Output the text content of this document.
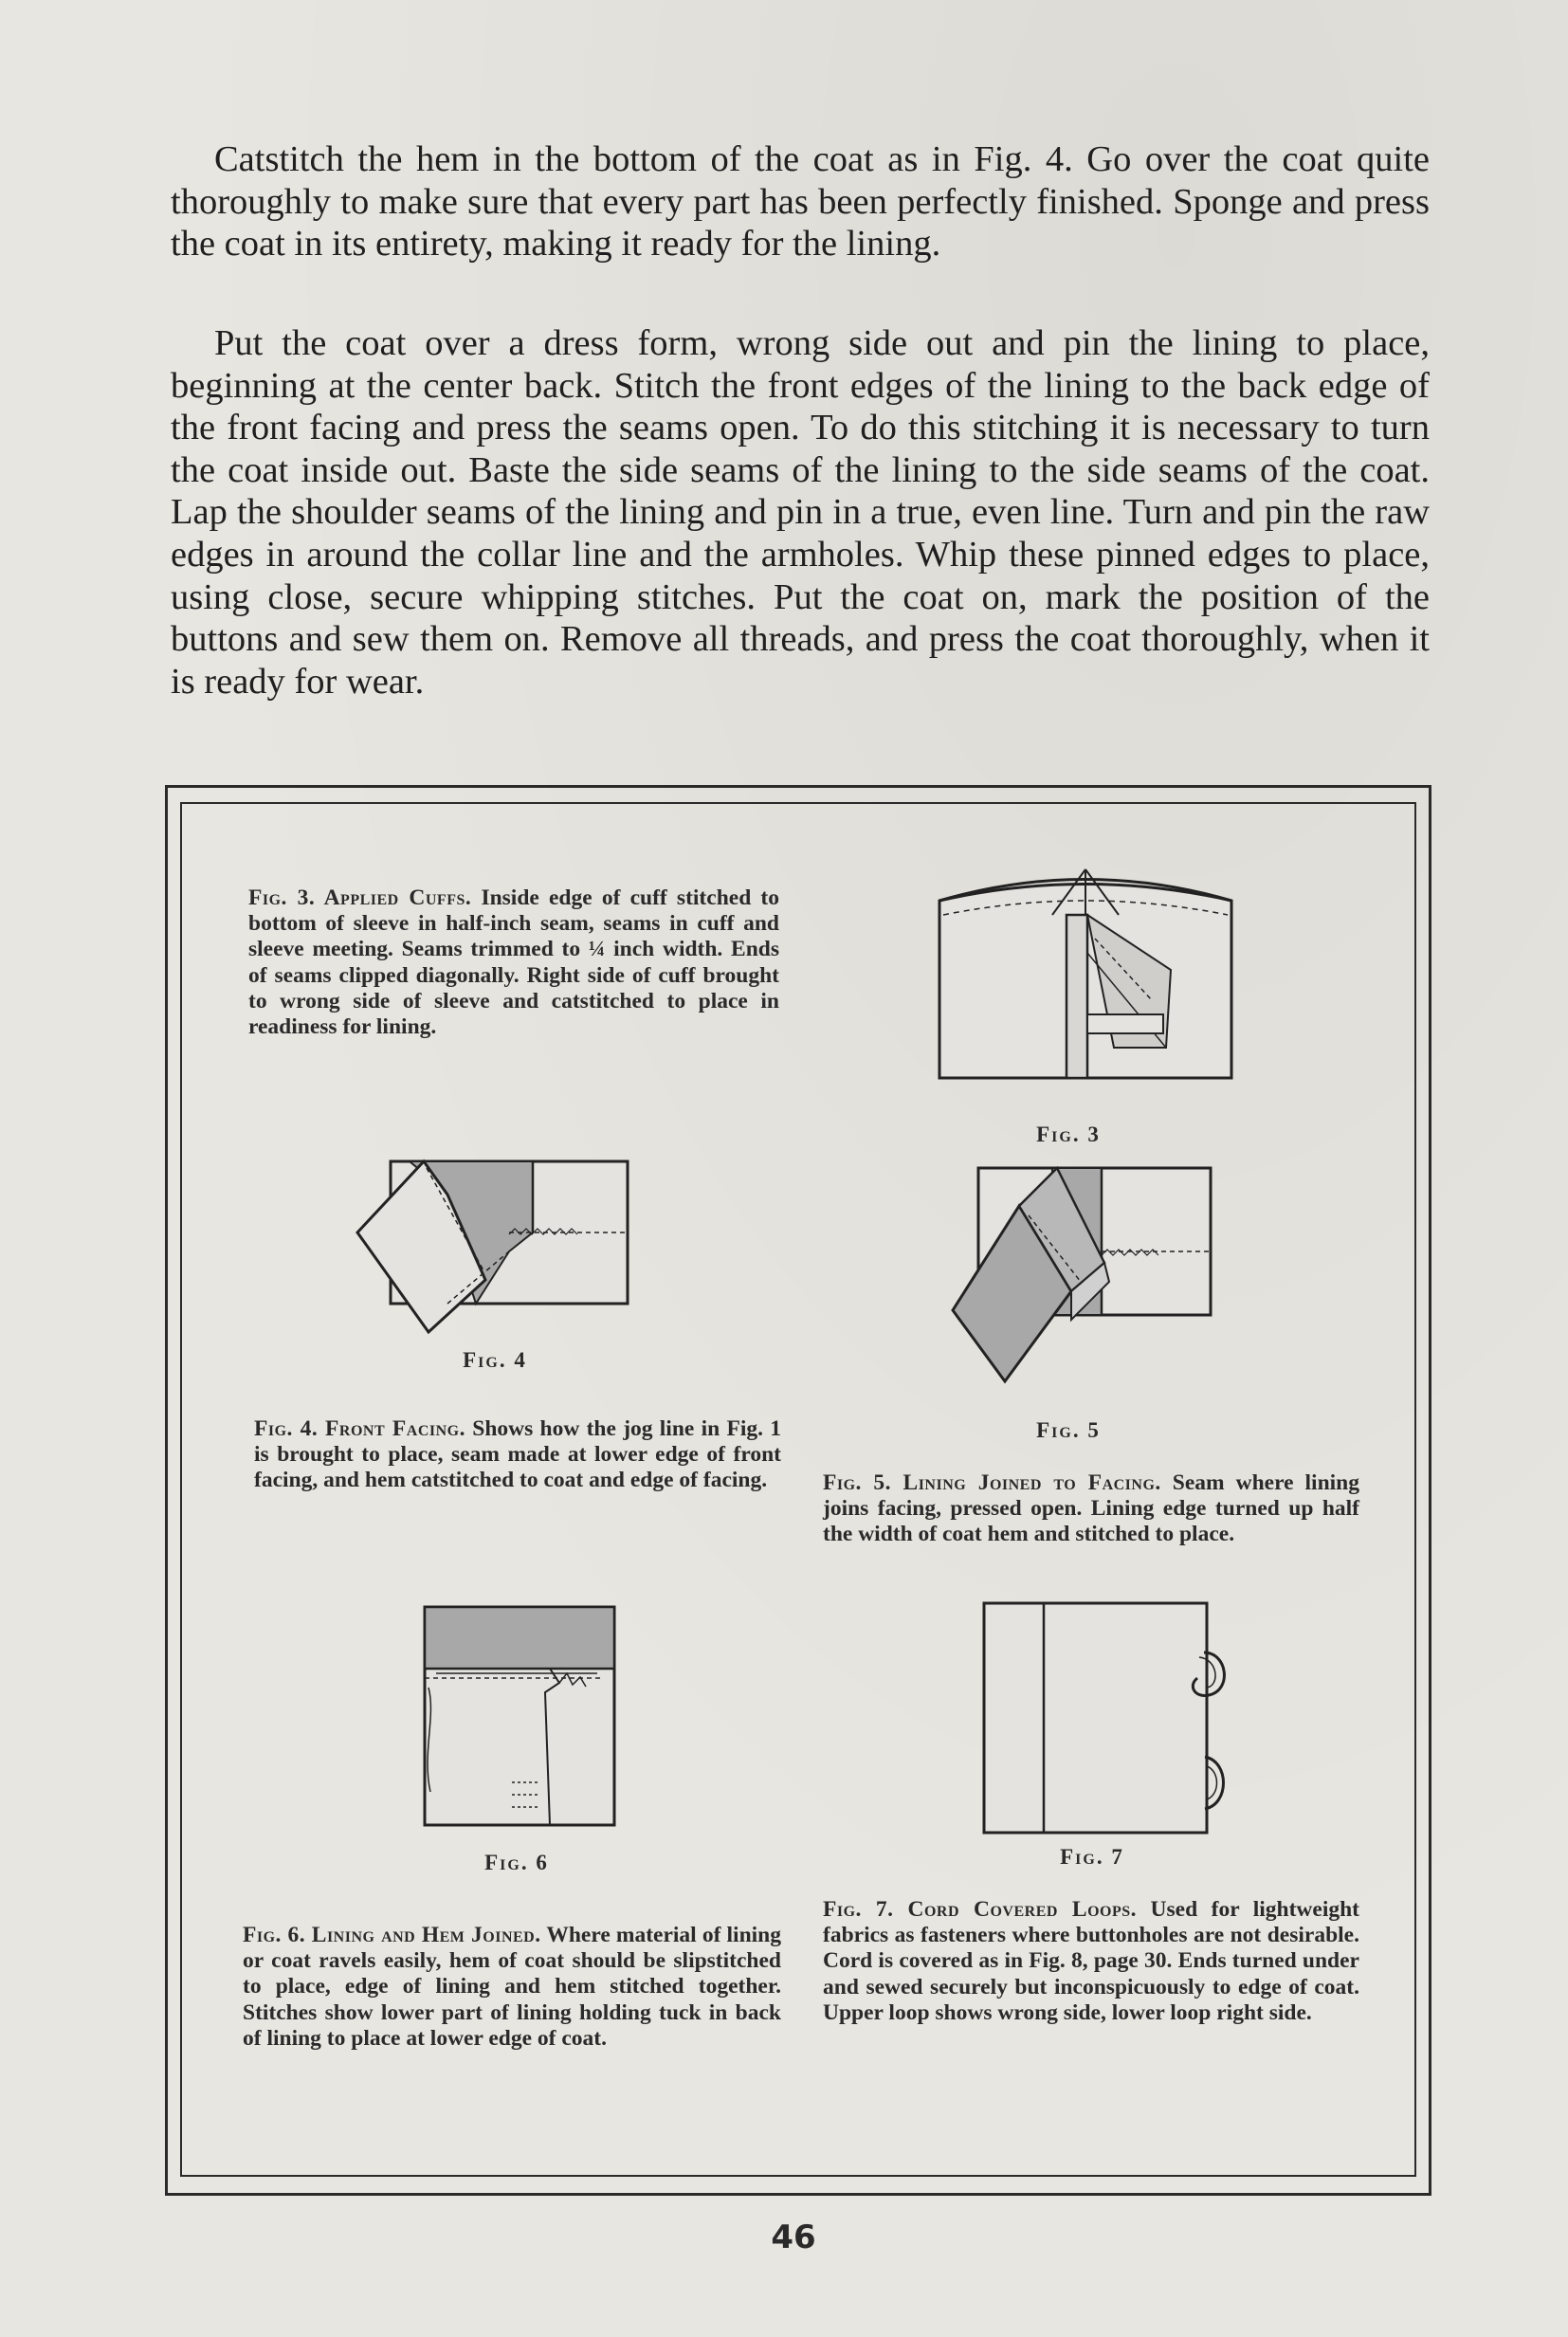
Catstitch the hem in the bottom of the coat as in Fig. 4. Go over the coat quite thoroughly to make sure that every part has been perfectly finished. Sponge and press the coat in its entirety, making it ready for the lining.

Put the coat over a dress form, wrong side out and pin the lining to place, beginning at the center back. Stitch the front edges of the lining to the back edge of the front facing and press the seams open. To do this stitching it is necessary to turn the coat inside out. Baste the side seams of the lining to the side seams of the coat. Lap the shoulder seams of the lining and pin in a true, even line. Turn and pin the raw edges in around the collar line and the armholes. Whip these pinned edges to place, using close, secure whipping stitches. Put the coat on, mark the position of the buttons and sew them on. Remove all threads, and press the coat thoroughly, when it is ready for wear.

Fig. 3. Applied Cuffs. Inside edge of cuff stitched to bottom of sleeve in half-inch seam, seams in cuff and sleeve meeting. Seams trimmed to ¼ inch width. Ends of seams clipped diagonally. Right side of cuff brought to wrong side of sleeve and catstitched to place in readiness for lining.

Fig. 3
Fig. 4
Fig. 5

Fig. 4. Front Facing. Shows how the jog line in Fig. 1 is brought to place, seam made at lower edge of front facing, and hem catstitched to coat and edge of facing.	Fig. 5. Lining Joined to Facing. Seam where lining joins facing, pressed open. Lining edge turned up half the width of coat hem and stitched to place.

Fig. 6	Fig. 7

Fig. 6. Lining and Hem Joined. Where material of lining or coat ravels easily, hem of coat should be slipstitched to place, edge of lining and hem stitched together. Stitches show lower part of lining holding tuck in back of lining to place at lower edge of coat.

Fig. 7. Cord Covered Loops. Used for lightweight fabrics as fasteners where buttonholes are not desirable. Cord is covered as in Fig. 8, page 30. Ends turned under and sewed securely but inconspicuously to edge of coat. Upper loop shows wrong side, lower loop right side.

46
